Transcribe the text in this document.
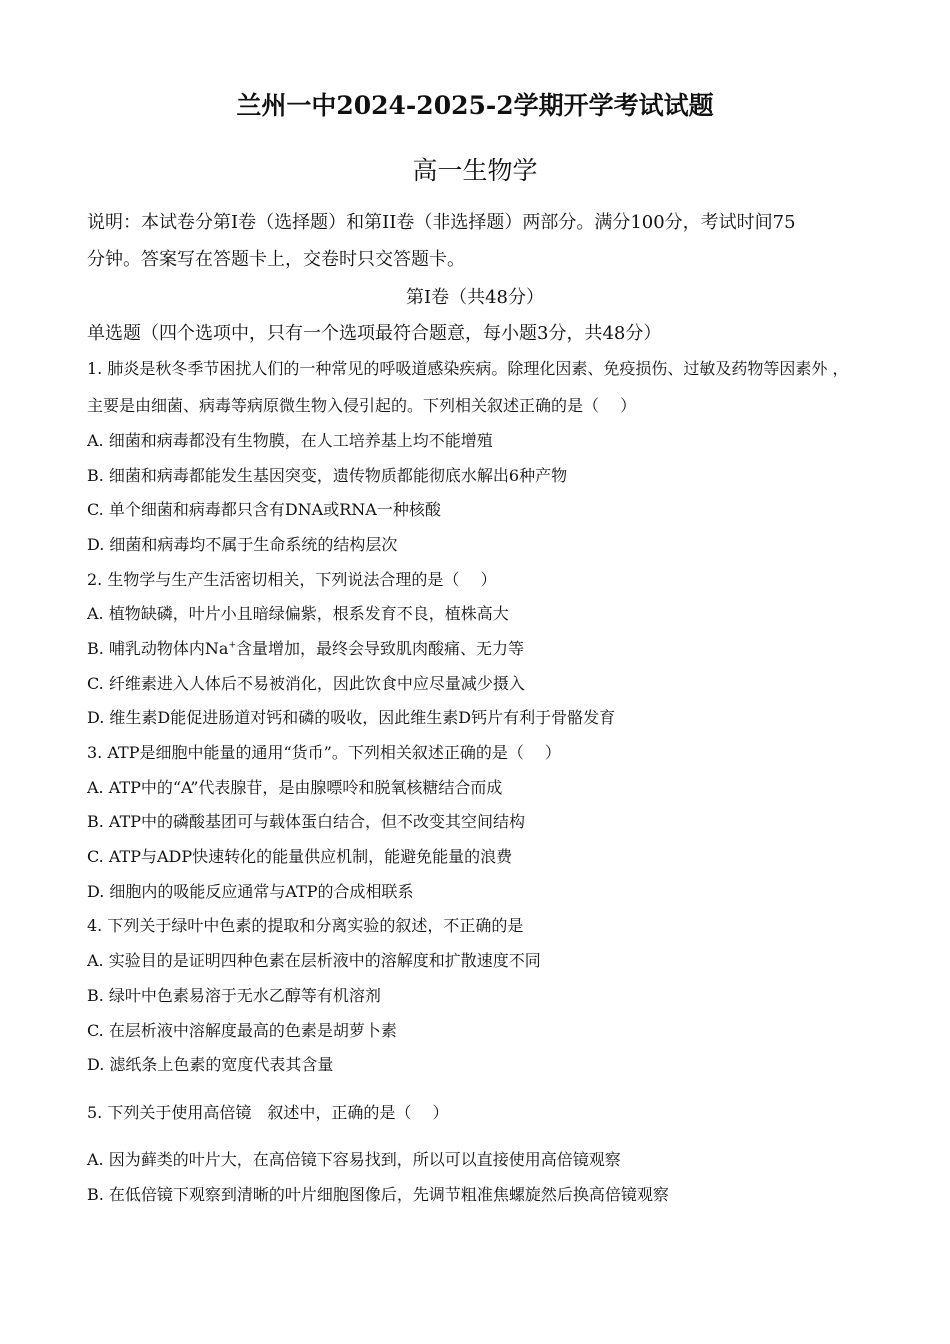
兰州一中2024-2025-2学期开学考试试题
高一生物学
说明：本试卷分第I卷（选择题）和第II卷（非选择题）两部分。满分100分，考试时间75
分钟。答案写在答题卡上，交卷时只交答题卡。
第I卷（共48分）
单选题（四个选项中，只有一个选项最符合题意，每小题3分，共48分）
1. 肺炎是秋冬季节困扰人们的一种常见的呼吸道感染疾病。除理化因素、免疫损伤、过敏及药物等因素外 ，
主要是由细菌、病毒等病原微生物入侵引起的。下列相关叙述正确的是（　 ）
A. 细菌和病毒都没有生物膜，在人工培养基上均不能增殖
B. 细菌和病毒都能发生基因突变，遗传物质都能彻底水解出6种产物
C. 单个细菌和病毒都只含有DNA或RNA一种核酸
D. 细菌和病毒均不属于生命系统的结构层次
2. 生物学与生产生活密切相关，下列说法合理的是（　 ）
A. 植物缺磷，叶片小且暗绿偏紫，根系发育不良，植株高大
B. 哺乳动物体内Na+含量增加，最终会导致肌肉酸痛、无力等
C. 纤维素进入人体后不易被消化，因此饮食中应尽量减少摄入
D. 维生素D能促进肠道对钙和磷的吸收，因此维生素D钙片有利于骨骼发育
3. ATP是细胞中能量的通用“货币”。下列相关叙述正确的是（　 ）
A. ATP中的“A”代表腺苷，是由腺嘌呤和脱氧核糖结合而成
B. ATP中的磷酸基团可与载体蛋白结合，但不改变其空间结构
C. ATP与ADP快速转化的能量供应机制，能避免能量的浪费
D. 细胞内的吸能反应通常与ATP的合成相联系
4. 下列关于绿叶中色素的提取和分离实验的叙述，不正确的是
A. 实验目的是证明四种色素在层析液中的溶解度和扩散速度不同
B. 绿叶中色素易溶于无水乙醇等有机溶剂
C. 在层析液中溶解度最高的色素是胡萝卜素
D. 滤纸条上色素的宽度代表其含量
5. 下列关于使用高倍镜　叙述中，正确的是（　 ）
A. 因为藓类的叶片大，在高倍镜下容易找到，所以可以直接使用高倍镜观察
B. 在低倍镜下观察到清晰的叶片细胞图像后，先调节粗准焦螺旋然后换高倍镜观察
